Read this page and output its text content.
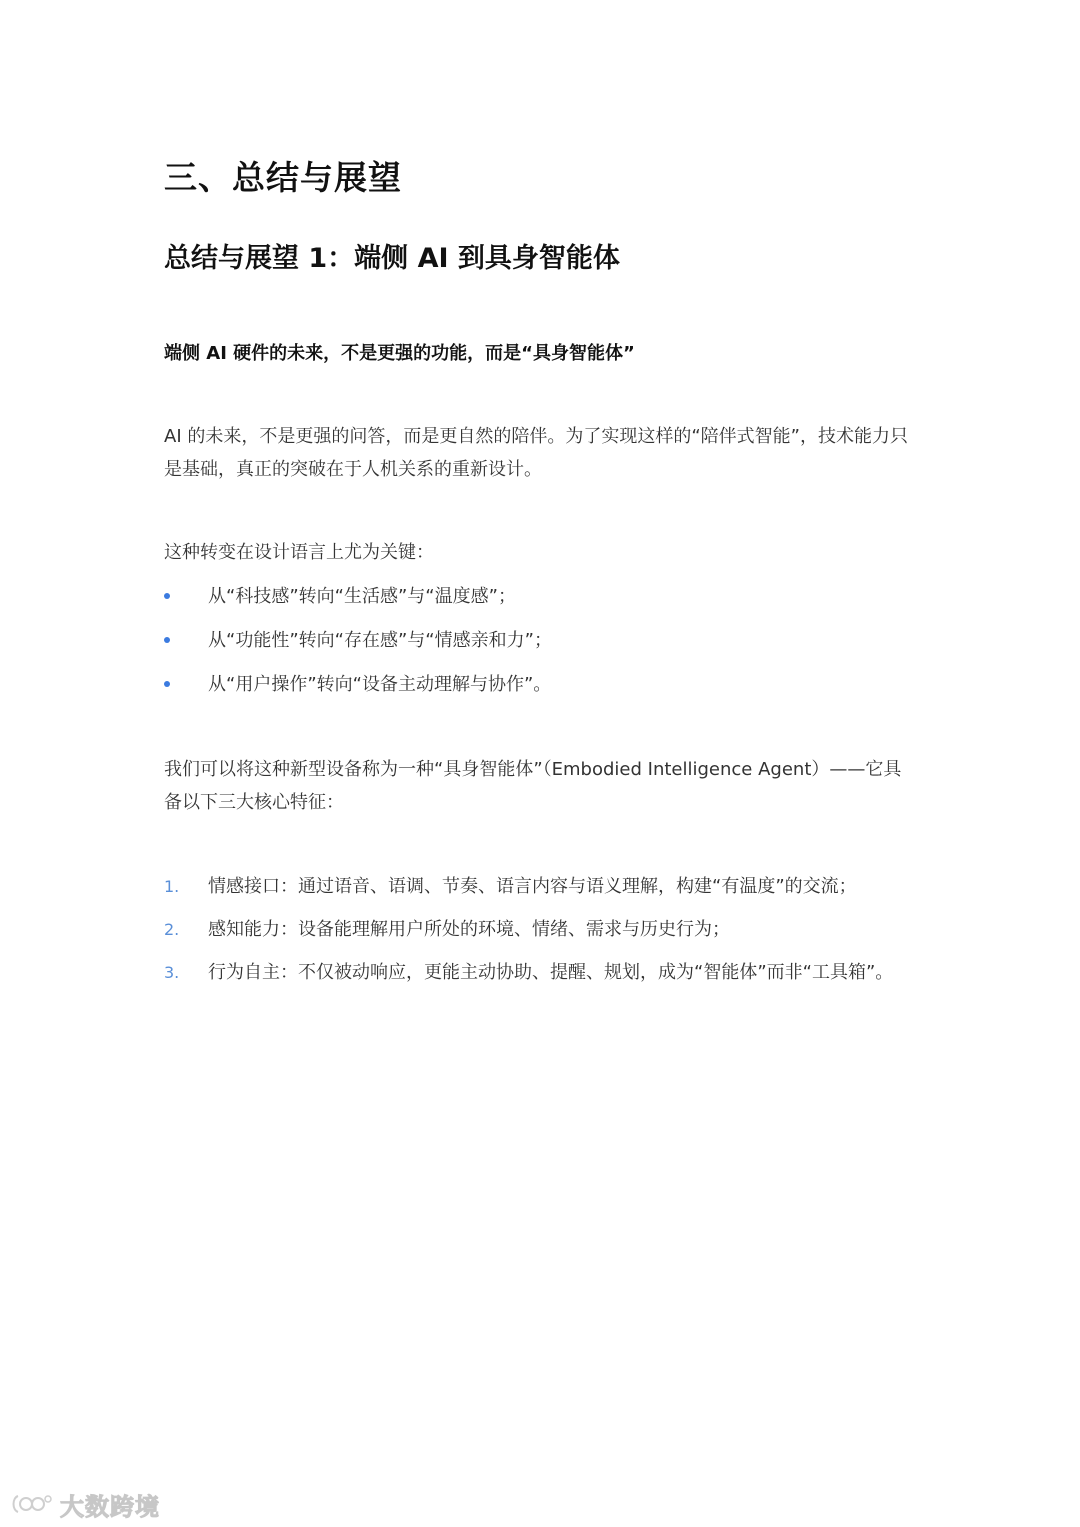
三、总结与展望
总结与展望 1：端侧 AI 到具身智能体
端侧 AI 硬件的未来，不是更强的功能，而是“具身智能体”
AI 的未来，不是更强的问答，而是更自然的陪伴。为了实现这样的“陪伴式智能”，技术能力只是基础，真正的突破在于人机关系的重新设计。
这种转变在设计语言上尤为关键：
从“科技感”转向“生活感”与“温度感”；
从“功能性”转向“存在感”与“情感亲和力”；
从“用户操作”转向“设备主动理解与协作”。
我们可以将这种新型设备称为一种“具身智能体”（Embodied Intelligence Agent）——它具备以下三大核心特征：
1.	情感接口：通过语音、语调、节奏、语言内容与语义理解，构建“有温度”的交流；
2.	感知能力：设备能理解用户所处的环境、情绪、需求与历史行为；
3.	行为自主：不仅被动响应，更能主动协助、提醒、规划，成为“智能体”而非“工具箱”。
大数跨境
